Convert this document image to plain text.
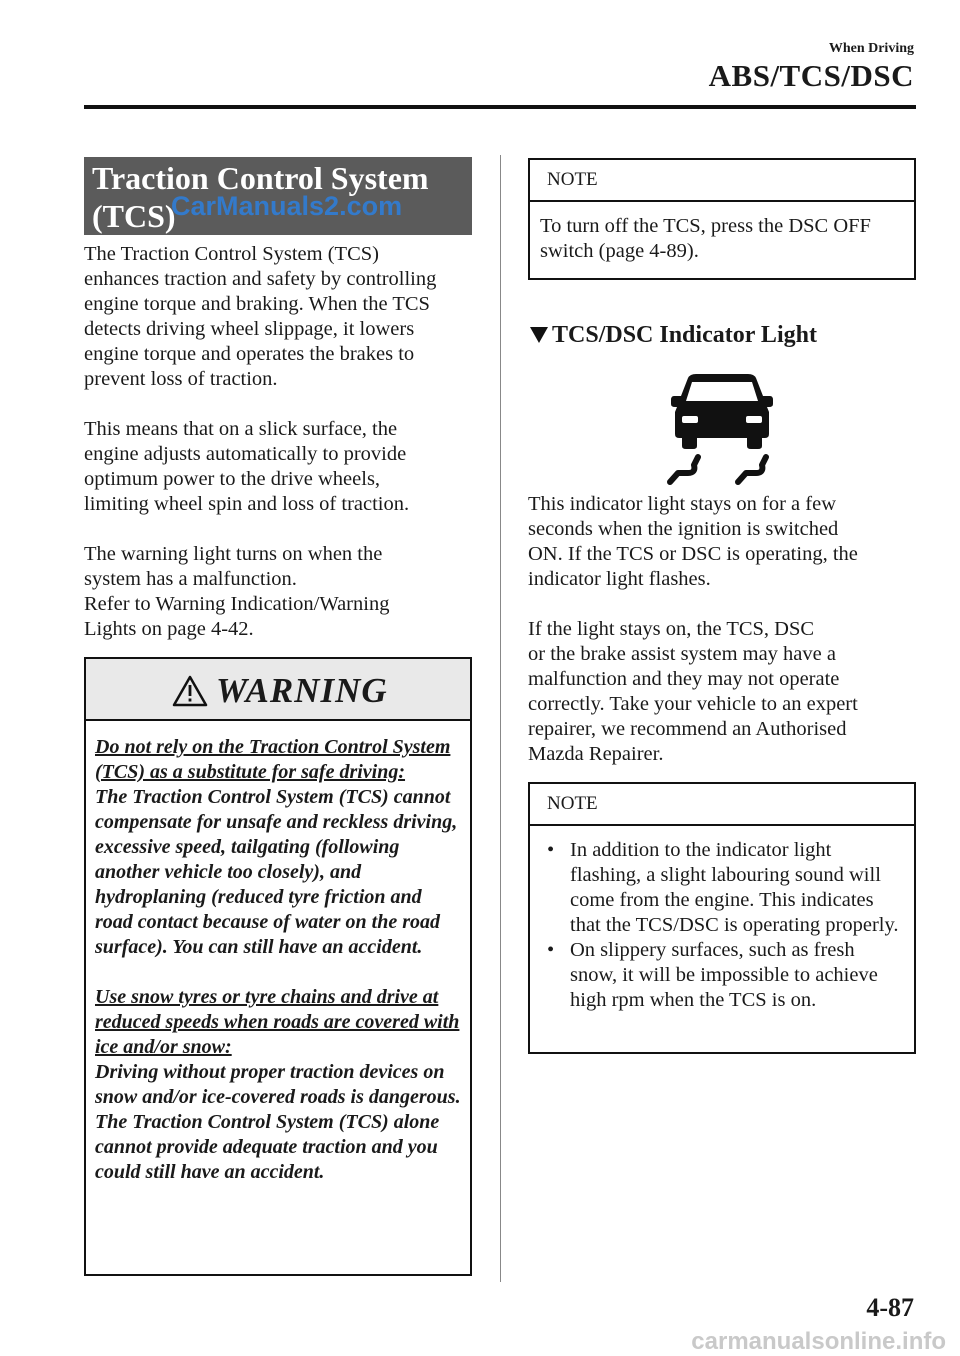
When Driving
ABS/TCS/DSC
Traction Control System
(TCS)
CarManuals2.com

The Traction Control System (TCS)
enhances traction and safety by controlling
engine torque and braking. When the TCS
detects driving wheel slippage, it lowers
engine torque and operates the brakes to
prevent loss of traction.

This means that on a slick surface, the
engine adjusts automatically to provide
optimum power to the drive wheels,
limiting wheel spin and loss of traction.

The warning light turns on when the
system has a malfunction.
Refer to Warning Indication/Warning
Lights on page 4-42.

WARNING

Do not rely on the Traction Control System (TCS) as a substitute for safe driving:
The Traction Control System (TCS) cannot compensate for unsafe and reckless driving, excessive speed, tailgating (following another vehicle too closely), and hydroplaning (reduced tyre friction and road contact because of water on the road surface). You can still have an accident.

Use snow tyres or tyre chains and drive at reduced speeds when roads are covered with ice and/or snow:
Driving without proper traction devices on snow and/or ice-covered roads is dangerous. The Traction Control System (TCS) alone cannot provide adequate traction and you could still have an accident.

NOTE
To turn off the TCS, press the DSC OFF switch (page 4-89).
TCS/DSC Indicator Light

This indicator light stays on for a few
seconds when the ignition is switched
ON. If the TCS or DSC is operating, the
indicator light flashes.

If the light stays on, the TCS, DSC
or the brake assist system may have a
malfunction and they may not operate
correctly. Take your vehicle to an expert
repairer, we recommend an Authorised
Mazda Repairer.

NOTE
• In addition to the indicator light flashing, a slight labouring sound will come from the engine. This indicates that the TCS/DSC is operating properly.
• On slippery surfaces, such as fresh snow, it will be impossible to achieve high rpm when the TCS is on.
4-87
carmanualsonline.info
